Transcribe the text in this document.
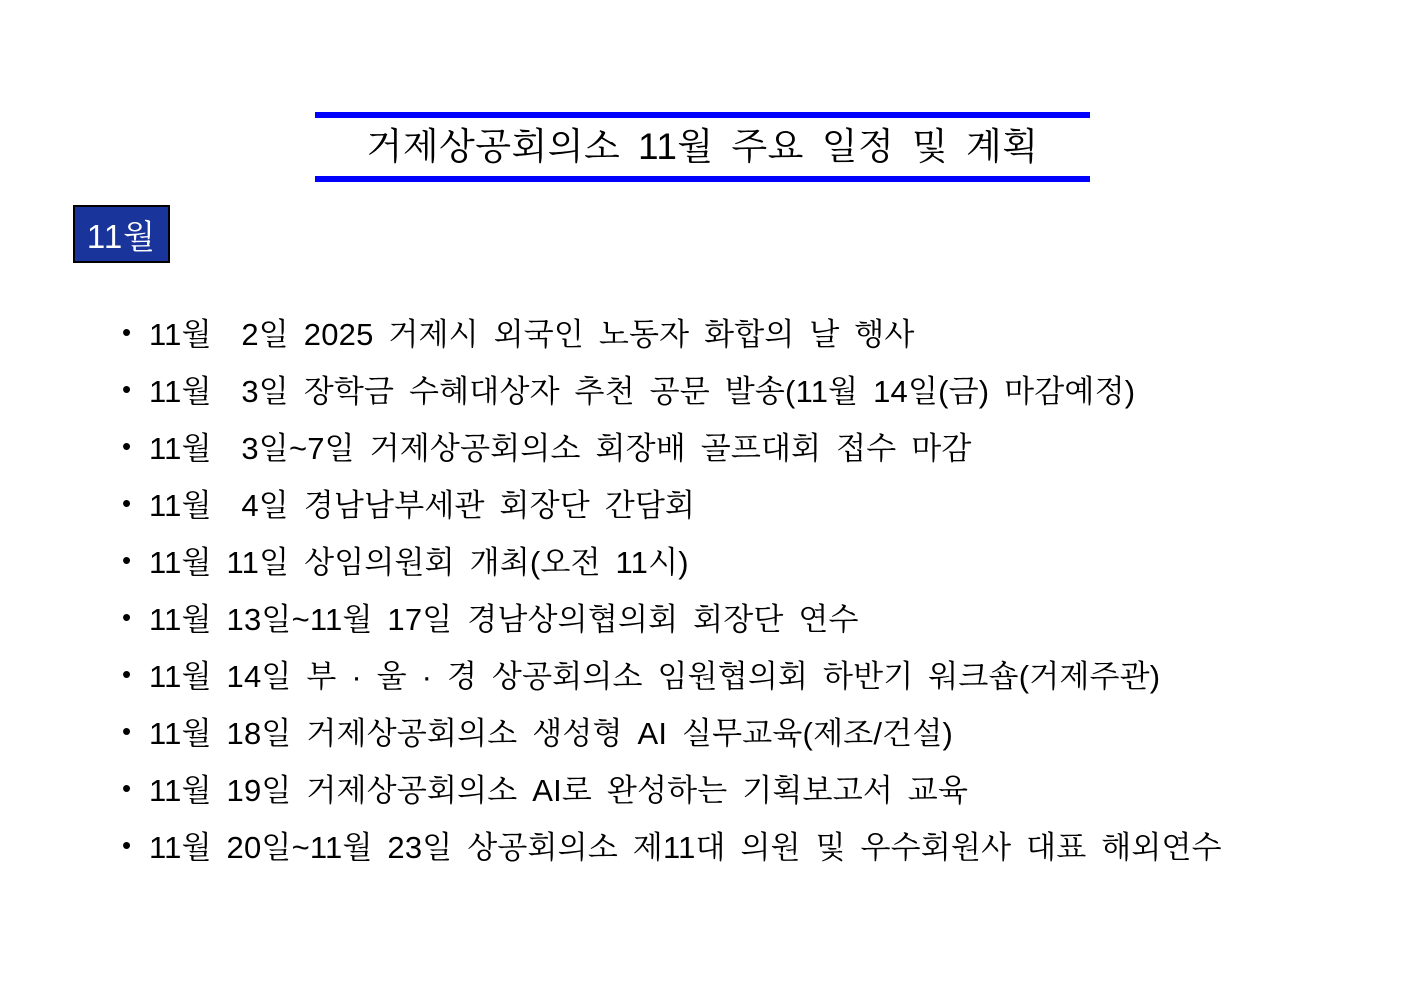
거제상공회의소 11월 주요 일정 및 계획
11월
• 11월  2일 2025 거제시 외국인 노동자 화합의 날 행사
• 11월  3일 장학금 수혜대상자 추천 공문 발송(11월 14일(금) 마감예정)
• 11월  3일~7일 거제상공회의소 회장배 골프대회 접수 마감
• 11월  4일 경남남부세관 회장단 간담회
• 11월 11일 상임의원회 개최(오전 11시)
• 11월 13일~11월 17일 경남상의협의회 회장단 연수
• 11월 14일 부 · 울 · 경 상공회의소 임원협의회 하반기 워크숍(거제주관)
• 11월 18일 거제상공회의소 생성형 AI 실무교육(제조/건설)
• 11월 19일 거제상공회의소 AI로 완성하는 기획보고서 교육
• 11월 20일~11월 23일 상공회의소 제11대 의원 및 우수회원사 대표 해외연수
